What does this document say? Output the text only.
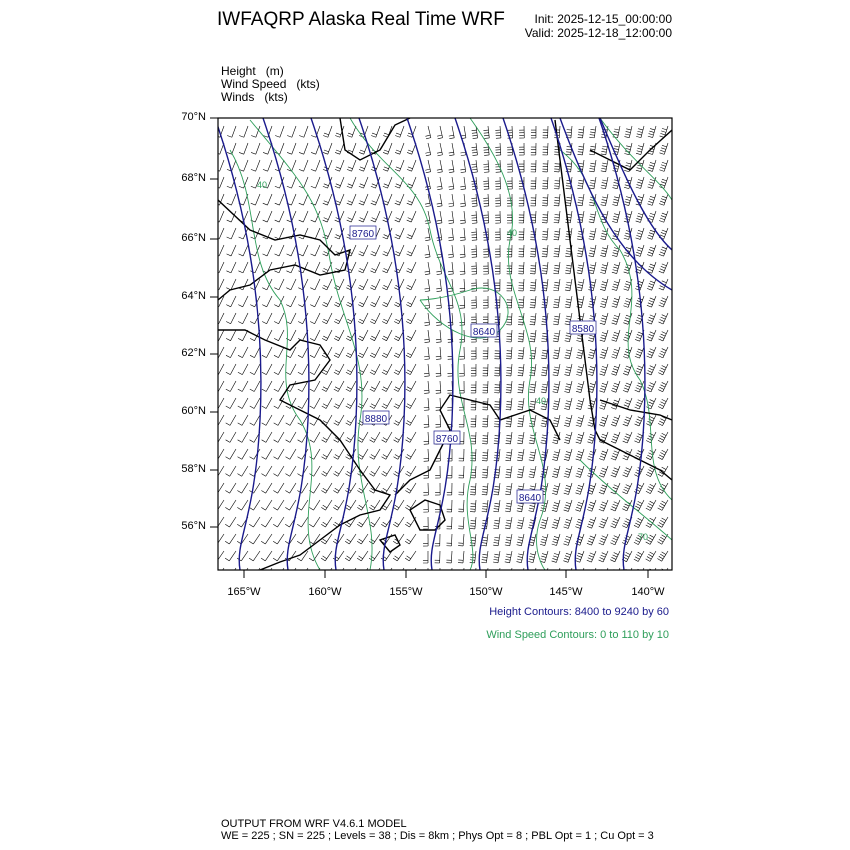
IWFAQRP Alaska Real Time WRF Init: 2025-12-15_00:00:00
Valid: 2025-12-18_12:00:00
Height (m)
Wind Speed (kts)
Winds (kts)
8760
8640	8580
8880
8760
8640
40
40
40
70
70°N
68°N
66°N
64°N
62°N
60°N
58°N
56°N
165°W	160°W	155°W	150°W	145°W	140°W
Height Contours: 8400 to 9240 by 60
Wind Speed Contours: 0 to 110 by 10
OUTPUT FROM WRF V4.6.1 MODEL
WE = 225 ; SN = 225 ; Levels = 38 ; Dis = 8km ; Phys Opt = 8 ; PBL Opt = 1 ; Cu Opt = 3
